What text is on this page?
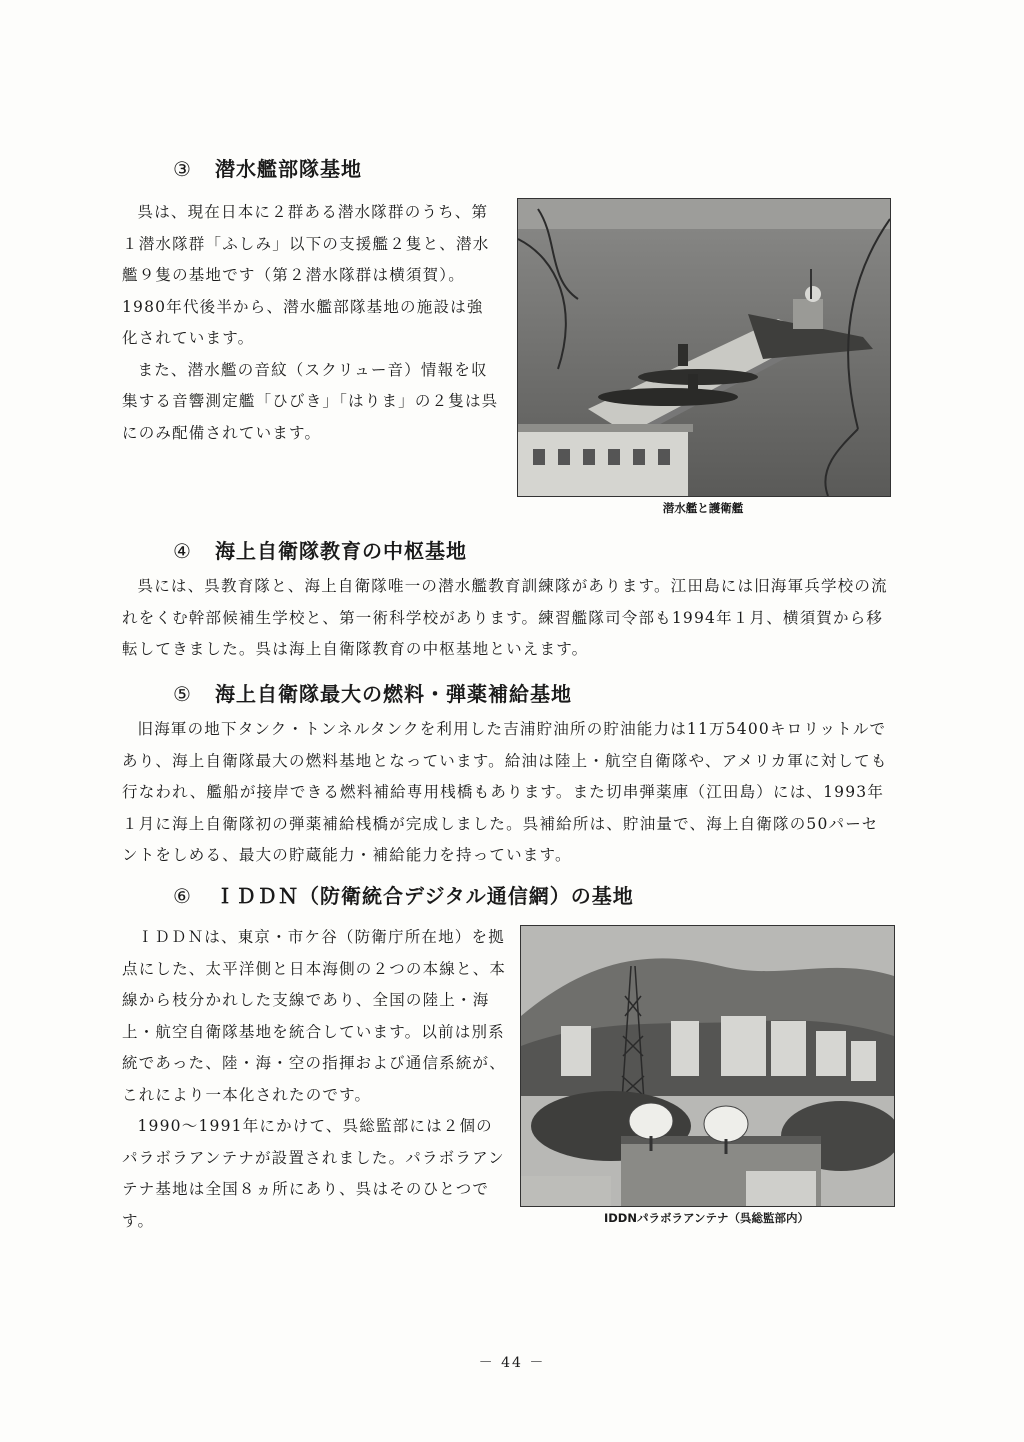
③ 潜水艦部隊基地

呉は、現在日本に２群ある潜水隊群のうち、第１潜水隊群「ふしみ」以下の支援艦２隻と、潜水艦９隻の基地です（第２潜水隊群は横須賀）。1980年代後半から、潜水艦部隊基地の施設は強化されています。

また、潜水艦の音紋（スクリュー音）情報を収集する音響測定艦「ひびき」「はりま」の２隻は呉にのみ配備されています。

潜水艦と護衛艦
④ 海上自衛隊教育の中枢基地

呉には、呉教育隊と、海上自衛隊唯一の潜水艦教育訓練隊があります。江田島には旧海軍兵学校の流れをくむ幹部候補生学校と、第一術科学校があります。練習艦隊司令部も1994年１月、横須賀から移転してきました。呉は海上自衛隊教育の中枢基地といえます。

⑤ 海上自衛隊最大の燃料・弾薬補給基地

旧海軍の地下タンク・トンネルタンクを利用した吉浦貯油所の貯油能力は11万5400キロリットルであり、海上自衛隊最大の燃料基地となっています。給油は陸上・航空自衛隊や、アメリカ軍に対しても行なわれ、艦船が接岸できる燃料補給専用桟橋もあります。また切串弾薬庫（江田島）には、1993年１月に海上自衛隊初の弾薬補給桟橋が完成しました。呉補給所は、貯油量で、海上自衛隊の50パーセントをしめる、最大の貯蔵能力・補給能力を持っています。

⑥ ＩＤＤＮ（防衛統合デジタル通信網）の基地

ＩＤＤＮは、東京・市ケ谷（防衛庁所在地）を拠点にした、太平洋側と日本海側の２つの本線と、本線から枝分かれした支線であり、全国の陸上・海上・航空自衛隊基地を統合しています。以前は別系統であった、陸・海・空の指揮および通信系統が、これにより一本化されたのです。

1990～1991年にかけて、呉総監部には２個のパラボラアンテナが設置されました。パラボラアンテナ基地は全国８ヵ所にあり、呉はそのひとつです。	IDDNパラボラアンテナ（呉総監部内）
－ 44 －
